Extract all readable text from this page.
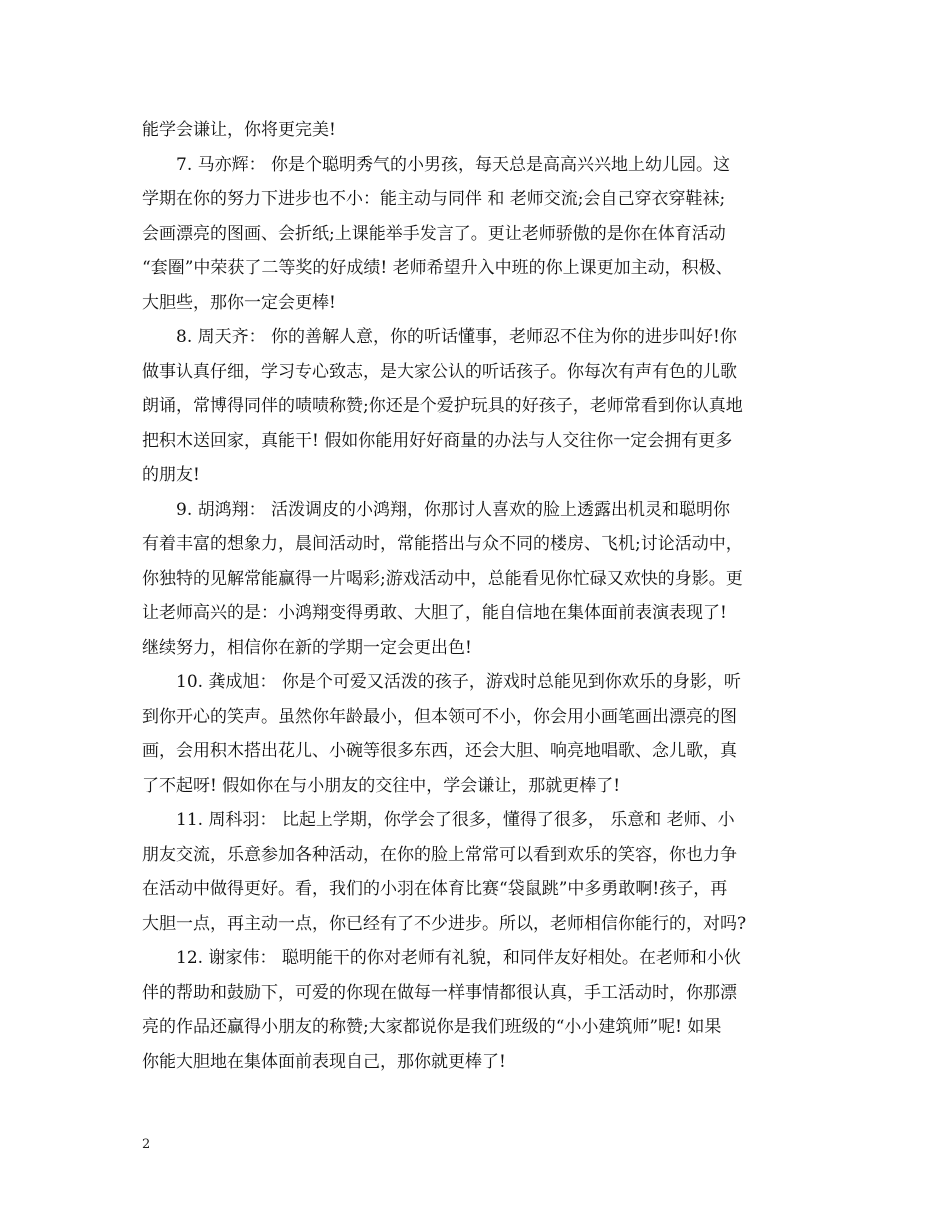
能学会谦让，你将更完美!
7. 马亦辉： 你是个聪明秀气的小男孩，每天总是高高兴兴地上幼儿园。这
学期在你的努力下进步也不小：能主动与同伴 和 老师交流;会自己穿衣穿鞋袜;
会画漂亮的图画、会折纸;上课能举手发言了。更让老师骄傲的是你在体育活动
“套圈”中荣获了二等奖的好成绩! 老师希望升入中班的你上课更加主动，积极、
大胆些，那你一定会更棒!
8. 周天齐： 你的善解人意，你的听话懂事，老师忍不住为你的进步叫好!你
做事认真仔细，学习专心致志，是大家公认的听话孩子。你每次有声有色的儿歌
朗诵，常博得同伴的啧啧称赞;你还是个爱护玩具的好孩子，老师常看到你认真地
把积木送回家，真能干! 假如你能用好好商量的办法与人交往你一定会拥有更多
的朋友!
9. 胡鸿翔： 活泼调皮的小鸿翔，你那讨人喜欢的脸上透露出机灵和聪明你
有着丰富的想象力，晨间活动时，常能搭出与众不同的楼房、飞机;讨论活动中，
你独特的见解常能赢得一片喝彩;游戏活动中，总能看见你忙碌又欢快的身影。更
让老师高兴的是：小鸿翔变得勇敢、大胆了，能自信地在集体面前表演表现了!
继续努力，相信你在新的学期一定会更出色!
10. 龚成旭： 你是个可爱又活泼的孩子，游戏时总能见到你欢乐的身影，听
到你开心的笑声。虽然你年龄最小，但本领可不小，你会用小画笔画出漂亮的图
画，会用积木搭出花儿、小碗等很多东西，还会大胆、响亮地唱歌、念儿歌，真
了不起呀! 假如你在与小朋友的交往中，学会谦让，那就更棒了!
11. 周科羽： 比起上学期，你学会了很多，懂得了很多， 乐意和 老师、小
朋友交流，乐意参加各种活动，在你的脸上常常可以看到欢乐的笑容，你也力争
在活动中做得更好。看，我们的小羽在体育比赛“袋鼠跳”中多勇敢啊!孩子，再
大胆一点，再主动一点，你已经有了不少进步。所以，老师相信你能行的，对吗?
12. 谢家伟： 聪明能干的你对老师有礼貌，和同伴友好相处。在老师和小伙
伴的帮助和鼓励下，可爱的你现在做每一样事情都很认真，手工活动时，你那漂
亮的作品还赢得小朋友的称赞;大家都说你是我们班级的“小小建筑师”呢! 如果
你能大胆地在集体面前表现自己，那你就更棒了!
2
